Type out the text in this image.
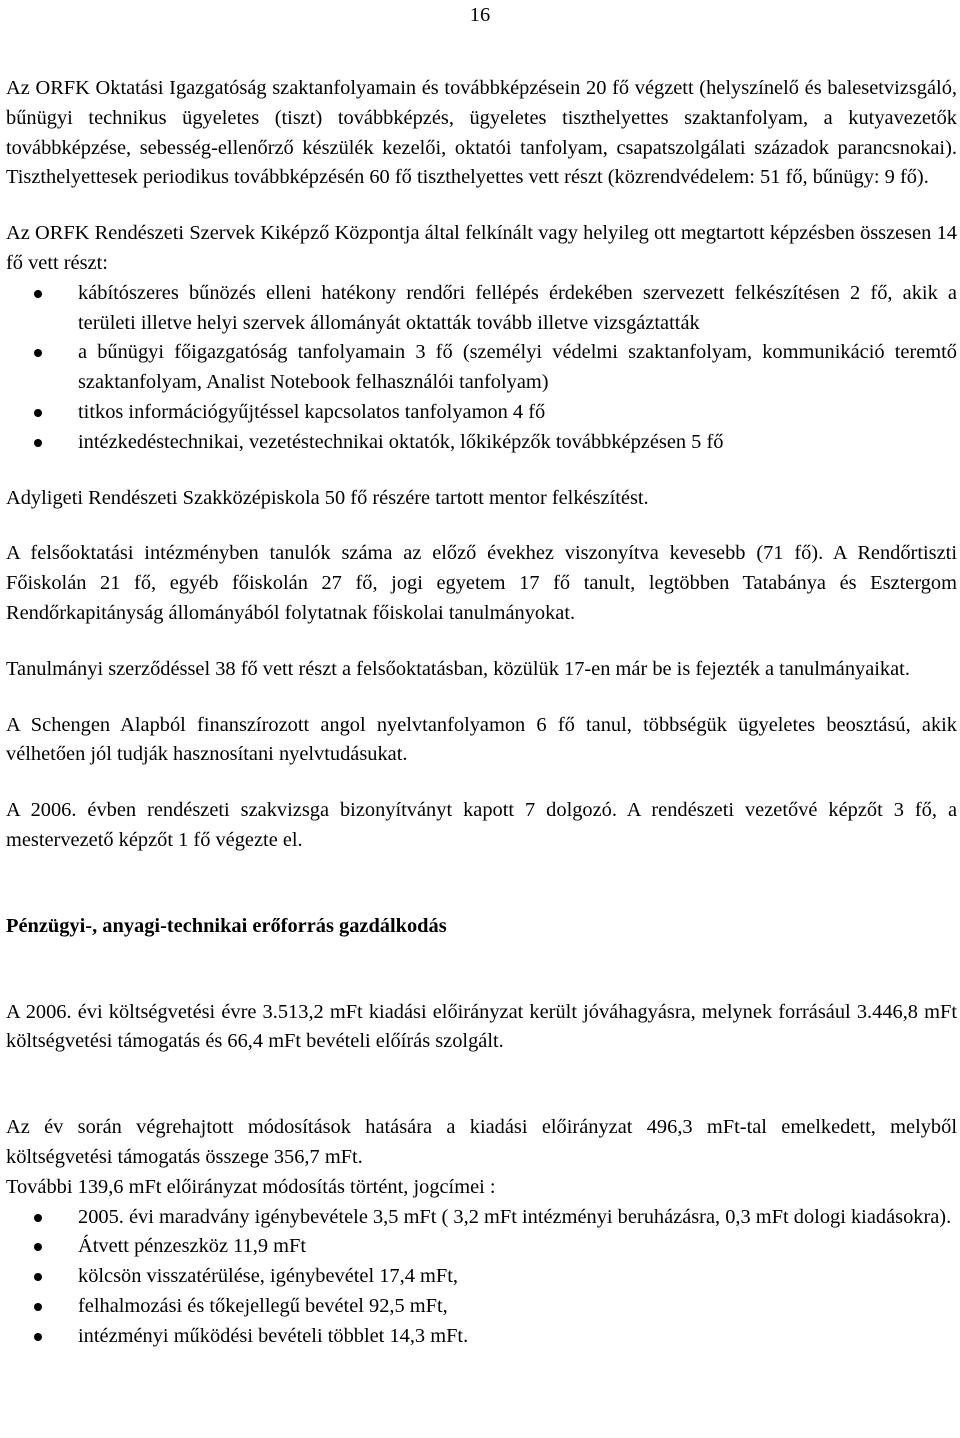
16

Az ORFK Oktatási Igazgatóság szaktanfolyamain és továbbképzésein 20 fő végzett (helyszínelő és balesetvizsgáló, bűnügyi technikus ügyeletes (tiszt) továbbképzés, ügyeletes tiszthelyettes szaktanfolyam, a kutyavezetők továbbképzése, sebesség-ellenőrző készülék kezelői, oktatói tanfolyam, csapatszolgálati századok parancsnokai). Tiszthelyettesek periodikus továbbképzésén 60 fő tiszthelyettes vett részt (közrendvédelem: 51 fő, bűnügy: 9 fő).

Az ORFK Rendészeti Szervek Kiképző Központja által felkínált vagy helyileg ott megtartott képzésben összesen 14 fő vett részt:

kábítószeres bűnözés elleni hatékony rendőri fellépés érdekében szervezett felkészítésen 2 fő, akik a területi illetve helyi szervek állományát oktatták tovább illetve vizsgáztatták
a bűnügyi főigazgatóság tanfolyamain 3 fő (személyi védelmi szaktanfolyam, kommunikáció teremtő szaktanfolyam, Analist Notebook felhasználói tanfolyam)
titkos információgyűjtéssel kapcsolatos tanfolyamon 4 fő
intézkedéstechnikai, vezetéstechnikai oktatók, lőkiképzők továbbképzésen 5 fő

Adyligeti Rendészeti Szakközépiskola 50 fő részére tartott mentor felkészítést.

A felsőoktatási intézményben tanulók száma az előző évekhez viszonyítva kevesebb (71 fő). A Rendőrtiszti Főiskolán 21 fő, egyéb főiskolán 27 fő, jogi egyetem 17 fő tanult, legtöbben Tatabánya és Esztergom Rendőrkapitányság állományából folytatnak főiskolai tanulmányokat.

Tanulmányi szerződéssel 38 fő vett részt a felsőoktatásban, közülük 17-en már be is fejezték a tanulmányaikat.

A Schengen Alapból finanszírozott angol nyelvtanfolyamon 6 fő tanul, többségük ügyeletes beosztású, akik vélhetően jól tudják hasznosítani nyelvtudásukat.

A 2006. évben rendészeti szakvizsga bizonyítványt kapott 7 dolgozó. A rendészeti vezetővé képzőt 3 fő, a mestervezető képzőt 1 fő végezte el.

Pénzügyi-, anyagi-technikai erőforrás gazdálkodás

A 2006. évi költségvetési évre 3.513,2 mFt kiadási előirányzat került jóváhagyásra, melynek forrásául 3.446,8 mFt költségvetési támogatás és 66,4 mFt bevételi előírás szolgált.

Az év során végrehajtott módosítások hatására a kiadási előirányzat 496,3 mFt-tal emelkedett, melyből költségvetési támogatás összege 356,7 mFt.

További 139,6 mFt előirányzat módosítás történt, jogcímei :

2005. évi maradvány igénybevétele 3,5 mFt ( 3,2 mFt intézményi beruházásra, 0,3 mFt dologi kiadásokra).
Átvett pénzeszköz 11,9 mFt
kölcsön visszatérülése, igénybevétel 17,4 mFt,
felhalmozási és tőkejellegű bevétel 92,5 mFt,
intézményi működési bevételi többlet 14,3 mFt.
